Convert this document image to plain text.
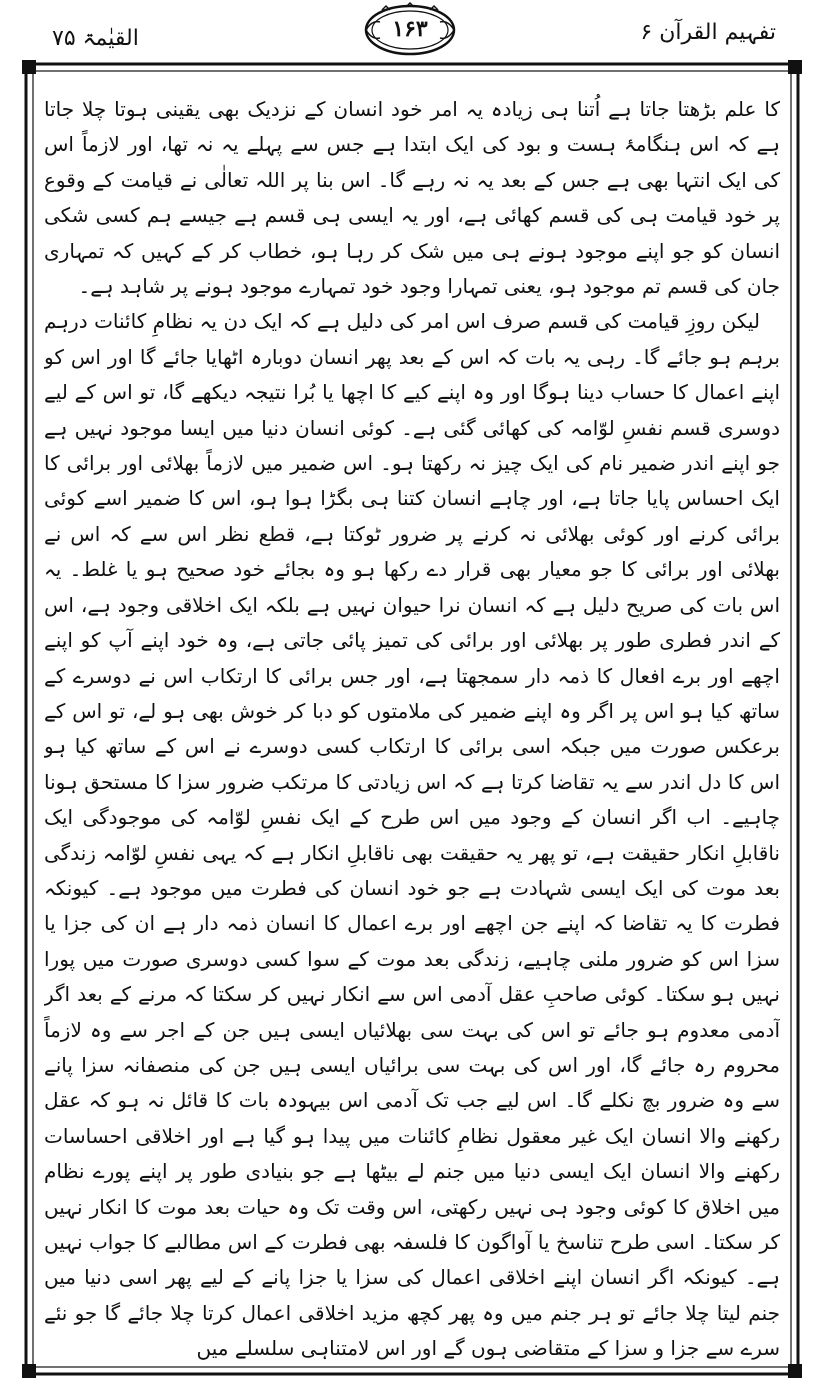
القیٰمۃ ۷۵	۱۶۳	تفہیم القرآن ۶

کا علم بڑھتا جاتا ہے اُتنا ہی زیادہ یہ امر خود انسان کے نزدیک بھی یقینی ہوتا چلا جاتا ہے کہ اس ہنگامۂ ہست و بود کی ایک ابتدا ہے جس سے پہلے یہ نہ تھا، اور لازماً اس کی ایک انتہا بھی ہے جس کے بعد یہ نہ رہے گا۔ اس بنا پر اللہ تعالٰی نے قیامت کے وقوع پر خود قیامت ہی کی قسم کھائی ہے، اور یہ ایسی ہی قسم ہے جیسے ہم کسی شکی انسان کو جو اپنے موجود ہونے ہی میں شک کر رہا ہو، خطاب کر کے کہیں کہ تمہاری جان کی قسم تم موجود ہو، یعنی تمہارا وجود خود تمہارے موجود ہونے پر شاہد ہے۔

لیکن روزِ قیامت کی قسم صرف اس امر کی دلیل ہے کہ ایک دن یہ نظامِ کائنات درہم برہم ہو جائے گا۔ رہی یہ بات کہ اس کے بعد پھر انسان دوبارہ اٹھایا جائے گا اور اس کو اپنے اعمال کا حساب دینا ہوگا اور وہ اپنے کیے کا اچھا یا بُرا نتیجہ دیکھے گا، تو اس کے لیے دوسری قسم نفسِ لوّامہ کی کھائی گئی ہے۔ کوئی انسان دنیا میں ایسا موجود نہیں ہے جو اپنے اندر ضمیر نام کی ایک چیز نہ رکھتا ہو۔ اس ضمیر میں لازماً بھلائی اور برائی کا ایک احساس پایا جاتا ہے، اور چاہے انسان کتنا ہی بگڑا ہوا ہو، اس کا ضمیر اسے کوئی برائی کرنے اور کوئی بھلائی نہ کرنے پر ضرور ٹوکتا ہے، قطع نظر اس سے کہ اس نے بھلائی اور برائی کا جو معیار بھی قرار دے رکھا ہو وہ بجائے خود صحیح ہو یا غلط۔ یہ اس بات کی صریح دلیل ہے کہ انسان نرا حیوان نہیں ہے بلکہ ایک اخلاقی وجود ہے، اس کے اندر فطری طور پر بھلائی اور برائی کی تمیز پائی جاتی ہے، وہ خود اپنے آپ کو اپنے اچھے اور برے افعال کا ذمہ دار سمجھتا ہے، اور جس برائی کا ارتکاب اس نے دوسرے کے ساتھ کیا ہو اس پر اگر وہ اپنے ضمیر کی ملامتوں کو دبا کر خوش بھی ہو لے، تو اس کے برعکس صورت میں جبکہ اسی برائی کا ارتکاب کسی دوسرے نے اس کے ساتھ کیا ہو اس کا دل اندر سے یہ تقاضا کرتا ہے کہ اس زیادتی کا مرتکب ضرور سزا کا مستحق ہونا چاہیے۔ اب اگر انسان کے وجود میں اس طرح کے ایک نفسِ لوّامہ کی موجودگی ایک ناقابلِ انکار حقیقت ہے، تو پھر یہ حقیقت بھی ناقابلِ انکار ہے کہ یہی نفسِ لوّامہ زندگی بعد موت کی ایک ایسی شہادت ہے جو خود انسان کی فطرت میں موجود ہے۔ کیونکہ فطرت کا یہ تقاضا کہ اپنے جن اچھے اور برے اعمال کا انسان ذمہ دار ہے ان کی جزا یا سزا اس کو ضرور ملنی چاہیے، زندگی بعد موت کے سوا کسی دوسری صورت میں پورا نہیں ہو سکتا۔ کوئی صاحبِ عقل آدمی اس سے انکار نہیں کر سکتا کہ مرنے کے بعد اگر آدمی معدوم ہو جائے تو اس کی بہت سی بھلائیاں ایسی ہیں جن کے اجر سے وہ لازماً محروم رہ جائے گا، اور اس کی بہت سی برائیاں ایسی ہیں جن کی منصفانہ سزا پانے سے وہ ضرور بچ نکلے گا۔ اس لیے جب تک آدمی اس بیہودہ بات کا قائل نہ ہو کہ عقل رکھنے والا انسان ایک غیر معقول نظامِ کائنات میں پیدا ہو گیا ہے اور اخلاقی احساسات رکھنے والا انسان ایک ایسی دنیا میں جنم لے بیٹھا ہے جو بنیادی طور پر اپنے پورے نظام میں اخلاق کا کوئی وجود ہی نہیں رکھتی، اس وقت تک وہ حیات بعد موت کا انکار نہیں کر سکتا۔ اسی طرح تناسخ یا آواگون کا فلسفہ بھی فطرت کے اس مطالبے کا جواب نہیں ہے۔ کیونکہ اگر انسان اپنے اخلاقی اعمال کی سزا یا جزا پانے کے لیے پھر اسی دنیا میں جنم لیتا چلا جائے تو ہر جنم میں وہ پھر کچھ مزید اخلاقی اعمال کرتا چلا جائے گا جو نئے سرے سے جزا و سزا کے متقاضی ہوں گے اور اس لامتناہی سلسلے میں
